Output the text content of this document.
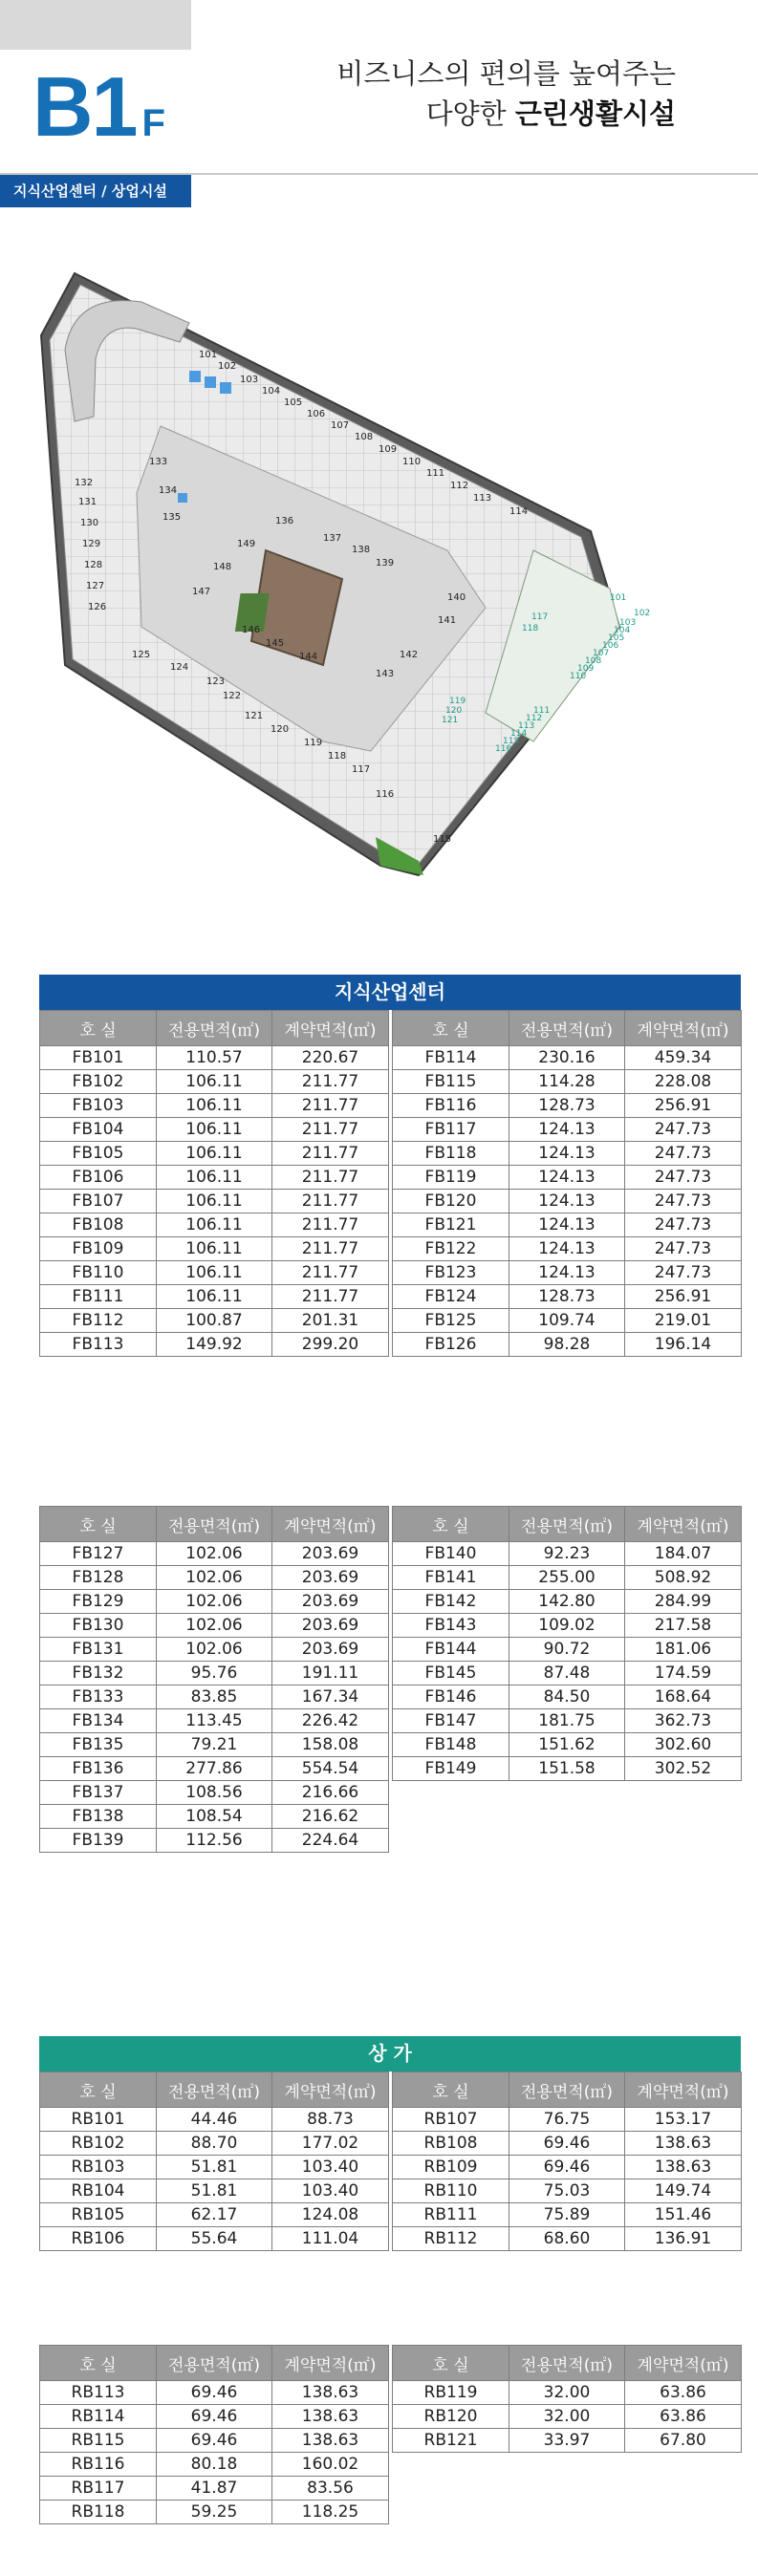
B1 F
비즈니스의 편의를 높여주는
다양한 근린생활시설
지식산업센터 / 상업시설
101
102
103
104
105
106
107
108
109
110
111
112
113
114
115
116
117
118
119
120
121
122
123
124
125
126
127
128
129
130
131
132
133
134
135	136
137
138
139
140
141
142
143
144
145
146
147
148
149
101
102
103
104
105
106
107
108
109
110
111
112
113
114
115
116
117
118
119
120
121
지식산업센터
호 실	전용면적(㎡)	계약면적(㎡)
FB101	110.57	220.67
FB102	106.11	211.77
FB103	106.11	211.77
FB104	106.11	211.77
FB105	106.11	211.77
FB106	106.11	211.77
FB107	106.11	211.77
FB108	106.11	211.77
FB109	106.11	211.77
FB110	106.11	211.77
FB111	106.11	211.77
FB112	100.87	201.31
FB113	149.92	299.20
호 실	전용면적(㎡)	계약면적(㎡)
FB114	230.16	459.34
FB115	114.28	228.08
FB116	128.73	256.91
FB117	124.13	247.73
FB118	124.13	247.73
FB119	124.13	247.73
FB120	124.13	247.73
FB121	124.13	247.73
FB122	124.13	247.73
FB123	124.13	247.73
FB124	128.73	256.91
FB125	109.74	219.01
FB126	98.28	196.14
호 실	전용면적(㎡)	계약면적(㎡)
FB127	102.06	203.69
FB128	102.06	203.69
FB129	102.06	203.69
FB130	102.06	203.69
FB131	102.06	203.69
FB132	95.76	191.11
FB133	83.85	167.34
FB134	113.45	226.42
FB135	79.21	158.08
FB136	277.86	554.54
FB137	108.56	216.66
FB138	108.54	216.62
FB139	112.56	224.64
호 실	전용면적(㎡)	계약면적(㎡)
FB140	92.23	184.07
FB141	255.00	508.92
FB142	142.80	284.99
FB143	109.02	217.58
FB144	90.72	181.06
FB145	87.48	174.59
FB146	84.50	168.64
FB147	181.75	362.73
FB148	151.62	302.60
FB149	151.58	302.52
상 가
호 실	전용면적(㎡)	계약면적(㎡)
RB101	44.46	88.73
RB102	88.70	177.02
RB103	51.81	103.40
RB104	51.81	103.40
RB105	62.17	124.08
RB106	55.64	111.04
호 실	전용면적(㎡)	계약면적(㎡)
RB107	76.75	153.17
RB108	69.46	138.63
RB109	69.46	138.63
RB110	75.03	149.74
RB111	75.89	151.46
RB112	68.60	136.91
호 실	전용면적(㎡)	계약면적(㎡)
RB113	69.46	138.63
RB114	69.46	138.63
RB115	69.46	138.63
RB116	80.18	160.02
RB117	41.87	83.56
RB118	59.25	118.25
호 실	전용면적(㎡)	계약면적(㎡)
RB119	32.00	63.86
RB120	32.00	63.86
RB121	33.97	67.80
